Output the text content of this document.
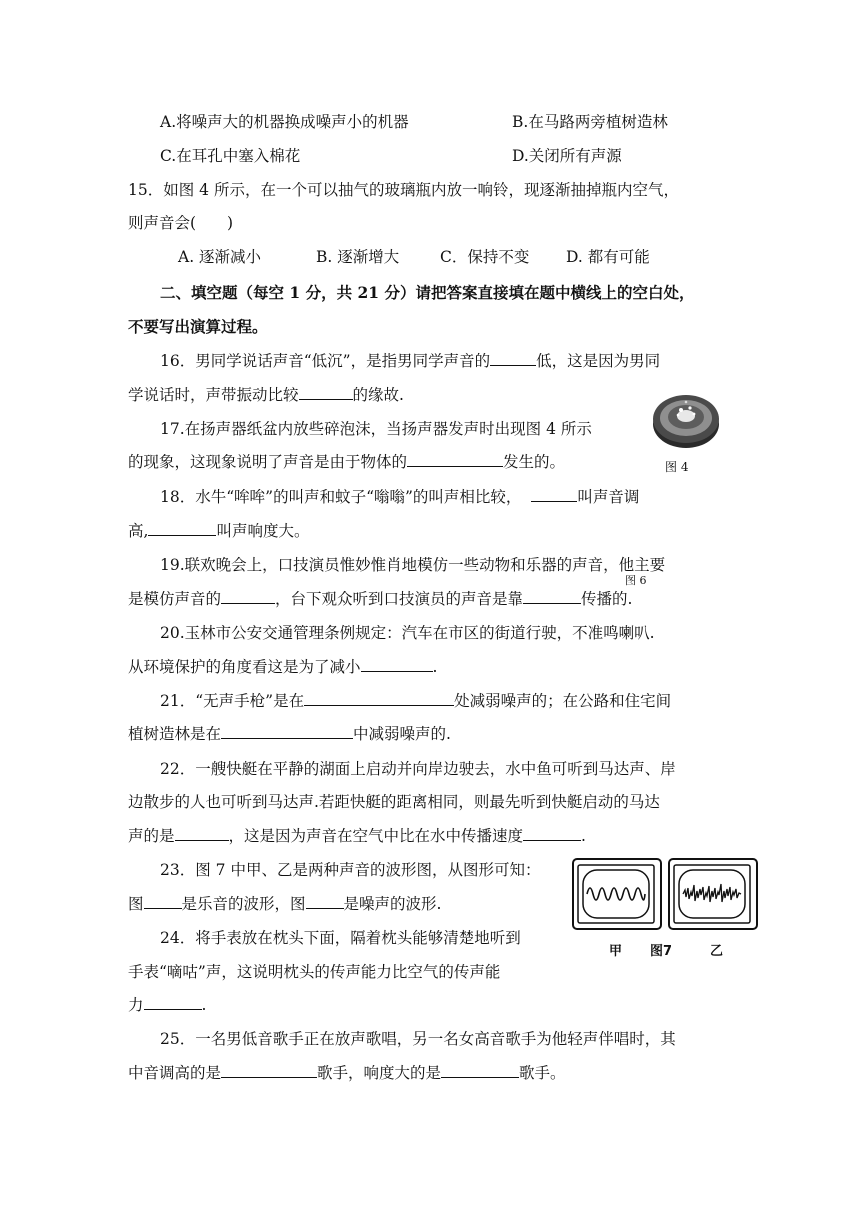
A.将噪声大的机器换成噪声小的机器	B.在马路两旁植树造林
C.在耳孔中塞入棉花	D.关闭所有声源
15．如图 4 所示，在一个可以抽气的玻璃瓶内放一响铃，现逐渐抽掉瓶内空气，
则声音会(　　)
A. 逐渐减小	B. 逐渐增大	C．保持不变 D. 都有可能
二、填空题（每空 1 分，共 21 分）请把答案直接填在题中横线上的空白处，
不要写出演算过程。
16．男同学说话声音“低沉”，是指男同学声音的	低，这是因为男同
学说话时，声带振动比较	的缘故.
图 4
17.在扬声器纸盆内放些碎泡沫，当扬声器发声时出现图 4 所示
的现象，这现象说明了声音是由于物体的	发生的。
18．水牛“哞哞”的叫声和蚊子“嗡嗡”的叫声相比较，	叫声音调
高,	叫声响度大。
19.联欢晚会上，口技演员惟妙惟肖地模仿一些动物和乐器的声音，他主要
图 6
是模仿声音的	，台下观众听到口技演员的声音是靠	传播的.
20.玉林市公安交通管理条例规定：汽车在市区的街道行驶，不准鸣喇叭.
从环境保护的角度看这是为了减小	.
21．“无声手枪”是在	处减弱噪声的；在公路和住宅间
植树造林是在	中减弱噪声的.
22．一艘快艇在平静的湖面上启动并向岸边驶去，水中鱼可听到马达声、岸
边散步的人也可听到马达声.若距快艇的距离相同，则最先听到快艇启动的马达
声的是	，这是因为声音在空气中比在水中传播速度	.
23．图 7 中甲、乙是两种声音的波形图，从图形可知：
图 是乐音的波形，图 是噪声的波形.
甲 图7	乙
24．将手表放在枕头下面，隔着枕头能够清楚地听到
手表“嘀咕”声，这说明枕头的传声能力比空气的传声能
力	.
25．一名男低音歌手正在放声歌唱，另一名女高音歌手为他轻声伴唱时，其
中音调高的是	歌手，响度大的是	歌手。
